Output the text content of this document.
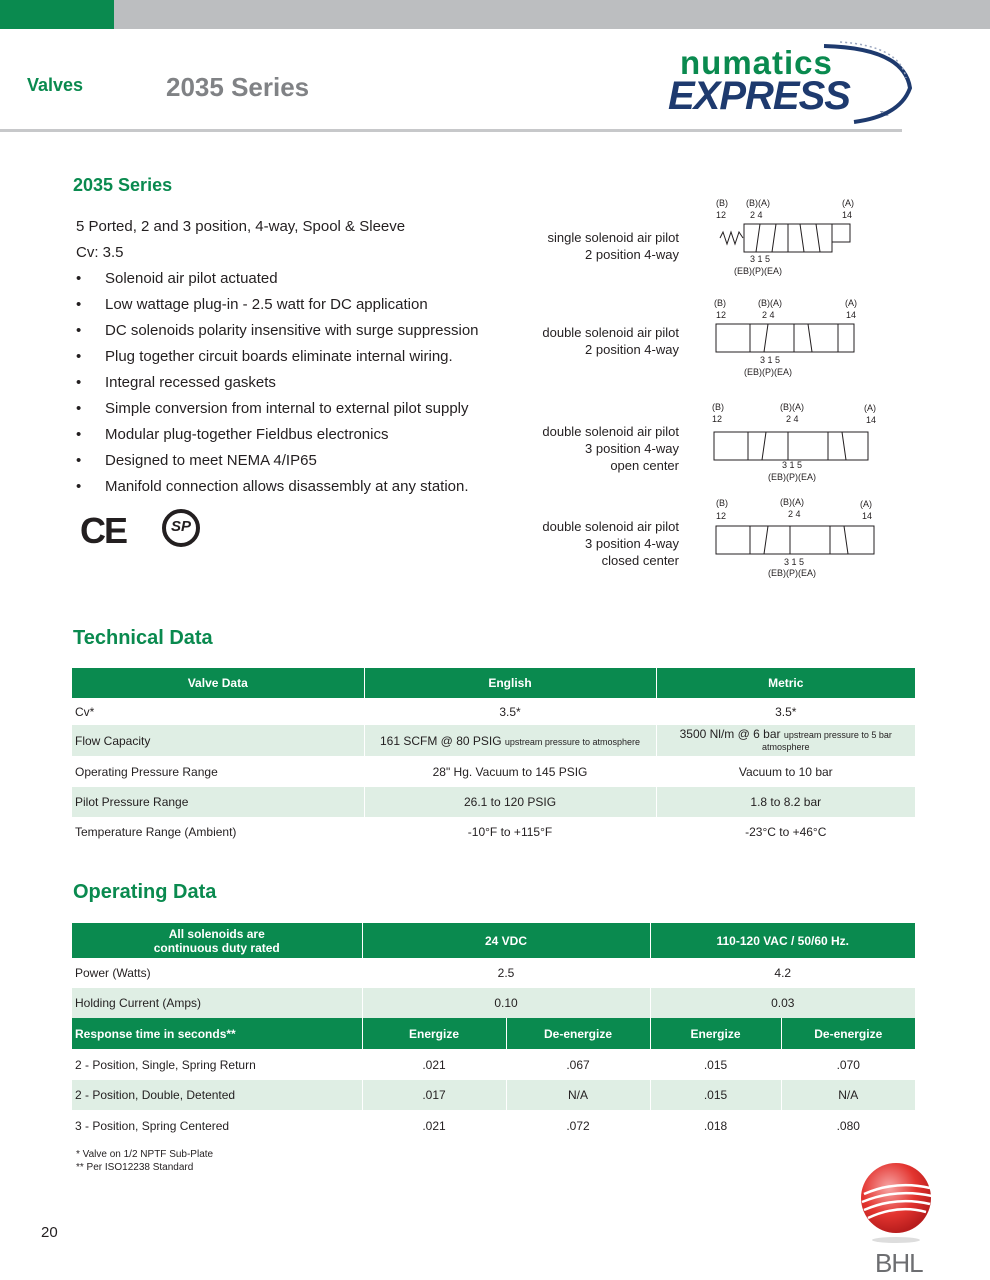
Valves	2035 Series
numatics
EXPRESS	TM
2035 Series
5 Ported, 2 and 3 position, 4-way, Spool & Sleeve
Cv: 3.5
• Solenoid air pilot actuated
• Low wattage plug-in - 2.5 watt for DC application
• DC solenoids polarity insensitive with surge suppression
• Plug together circuit boards eliminate internal wiring.
• Integral recessed gaskets
• Simple conversion from internal to external pilot supply
• Modular plug-together Fieldbus electronics
• Designed to meet NEMA 4/IP65
• Manifold connection allows disassembly at any station.
CE	SP
single solenoid air pilot
2 position 4-way
double solenoid air pilot
2 position 4-way
double solenoid air pilot
3 position 4-way
open center
double solenoid air pilot
3 position 4-way
closed center
(B) (B)(A)	(A)
12	2 4	14
3 1 5
(EB)(P)(EA)
(B)	(B)(A)	(A)
12	2 4	14
3 1 5
(EB)(P)(EA)
(B)	(B)(A)	(A)
12	2 4	14
3 1 5
(EB)(P)(EA)
(B)	(B)(A)	(A)
12	2 4	14
3 1 5
(EB)(P)(EA)
Technical Data
Valve Data	English	Metric
Cv*	3.5*	3.5*
Flow Capacity	161 SCFM @ 80 PSIG upstream pressure to atmosphere	3500 Nl/m @ 6 bar upstream pressure to 5 bar atmosphere
Operating Pressure Range	28" Hg. Vacuum to 145 PSIG	Vacuum to 10 bar
Pilot Pressure Range	26.1 to 120 PSIG	1.8 to 8.2 bar
Temperature Range (Ambient)	-10°F to +115°F	-23°C to +46°C
Operating Data
All solenoids are
continuous duty rated	24 VDC		110-120 VAC / 50/60 Hz.	
Power (Watts)	2.5		4.2	
Holding Current (Amps)	0.10		0.03	
Response time in seconds**	Energize	De-energize	Energize	De-energize
2 - Position, Single, Spring Return	.021	.067	.015	.070
2 - Position, Double, Detented	.017	N/A	.015	N/A
3 - Position, Spring Centered	.021	.072	.018	.080
* Valve on 1/2 NPTF Sub-Plate
** Per ISO12238 Standard
20
BHL
